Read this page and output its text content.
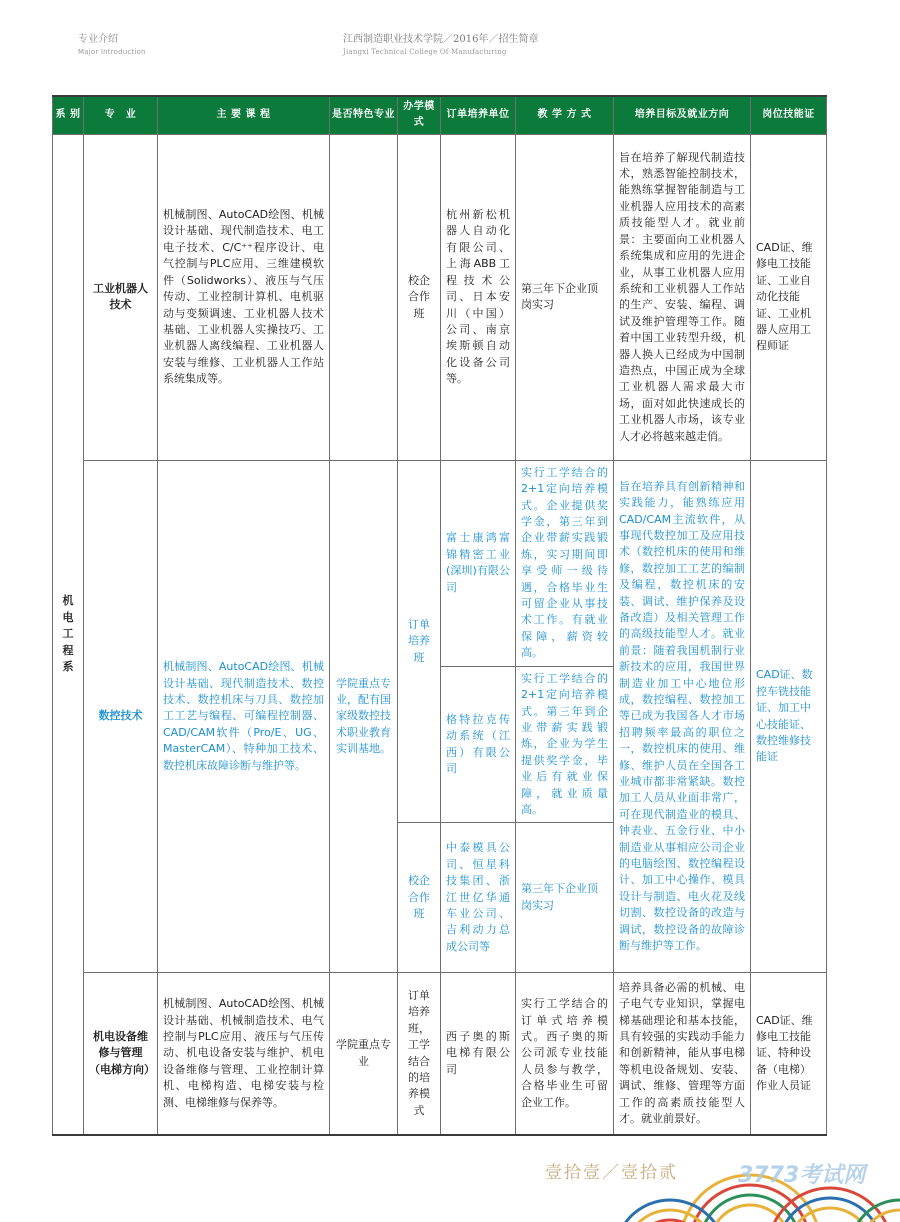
专业介绍
Major Introduction
江西制造职业技术学院／2016年／招生简章
Jiangxi Technical College Of Manufacturing
系 别	专　业	主 要 课 程	是否特色专业	办学模式	订单培养单位	教 学 方 式	培养目标及就业方向	岗位技能证
机电工程系	工业机器人技术	机械制图、AutoCAD绘图、机械设计基础、现代制造技术、电工电子技术、C/C⁺⁺程序设计、电气控制与PLC应用、三维建模软件（Solidworks）、液压与气压传动、工业控制计算机、电机驱动与变频调速、工业机器人技术基础、工业机器人实操技巧、工业机器人离线编程、工业机器人安装与维修、工业机器人工作站系统集成等。		校企合作班	杭州新松机器人自动化有限公司、上海ABB工程技术公司、日本安川（中国）公司、南京埃斯顿自动化设备公司等。	第三年下企业顶岗实习	旨在培养了解现代制造技术，熟悉智能控制技术，能熟练掌握智能制造与工业机器人应用技术的高素质技能型人才。就业前景：主要面向工业机器人系统集成和应用的先进企业，从事工业机器人应用系统和工业机器人工作站的生产、安装、编程、调试及维护管理等工作。随着中国工业转型升级，机器人换人已经成为中国制造热点，中国正成为全球工业机器人需求最大市场，面对如此快速成长的工业机器人市场，该专业人才必将越来越走俏。	CAD证、维修电工技能证、工业自动化技能证、工业机器人应用工程师证
	数控技术	机械制图、AutoCAD绘图、机械设计基础、现代制造技术、数控技术、数控机床与刀具、数控加工工艺与编程、可编程控制器、CAD/CAM软件（Pro/E、UG、MasterCAM）、特种加工技术、数控机床故障诊断与维护等。	学院重点专业，配有国家级数控技术职业教育实训基地。	订单培养班	富士康鸿富锦精密工业(深圳)有限公司	实行工学结合的2+1定向培养模式。企业提供奖学金，第三年到企业带薪实践锻炼，实习期间即享受师一级待遇，合格毕业生可留企业从事技术工作。有就业保障，薪资较高。	旨在培养具有创新精神和实践能力，能熟练应用CAD/CAM主流软件，从事现代数控加工及应用技术（数控机床的使用和维修，数控加工工艺的编制及编程，数控机床的安装、调试、维护保养及设备改造）及相关管理工作的高级技能型人才。就业前景：随着我国机制行业新技术的应用，我国世界制造业加工中心地位形成，数控编程、数控加工等已成为我国各人才市场招聘频率最高的职位之一，数控机床的使用、维修、维护人员在全国各工业城市都非常紧缺。数控加工人员从业面非常广，可在现代制造业的模具、钟表业、五金行业、中小制造业从事相应公司企业的电脑绘图、数控编程设计、加工中心操作、模具设计与制造、电火花及线切割、数控设备的改造与调试，数控设备的故障诊断与维护等工作。	CAD证、数控车铣技能证、加工中心技能证、数控维修技能证
					格特拉克传动系统（江西）有限公司	实行工学结合的2+1定向培养模式。第三年到企业带薪实践锻炼，企业为学生提供奖学金，毕业后有就业保障，就业质量高。		
				校企合作班	中泰模具公司、恒星科技集团、浙江世亿华通车业公司、吉利动力总成公司等	第三年下企业顶岗实习		
	机电设备维修与管理（电梯方向）	机械制图、AutoCAD绘图、机械设计基础、机械制造技术、电气控制与PLC应用、液压与气压传动、机电设备安装与维护、机电设备维修与管理、工业控制计算机、电梯构造、电梯安装与检测、电梯维修与保养等。	学院重点专业	订单培养班，工学结合的培养模式	西子奥的斯电梯有限公司	实行工学结合的订单式培养模式。西子奥的斯公司派专业技能人员参与教学，合格毕业生可留企业工作。	培养具备必需的机械、电子电气专业知识，掌握电梯基础理论和基本技能，具有较强的实践动手能力和创新精神，能从事电梯等机电设备规划、安装、调试、维修、管理等方面工作的高素质技能型人才。就业前景好。	CAD证、维修电工技能证、特种设备（电梯）作业人员证
壹拾壹／壹拾贰	3773考试网
